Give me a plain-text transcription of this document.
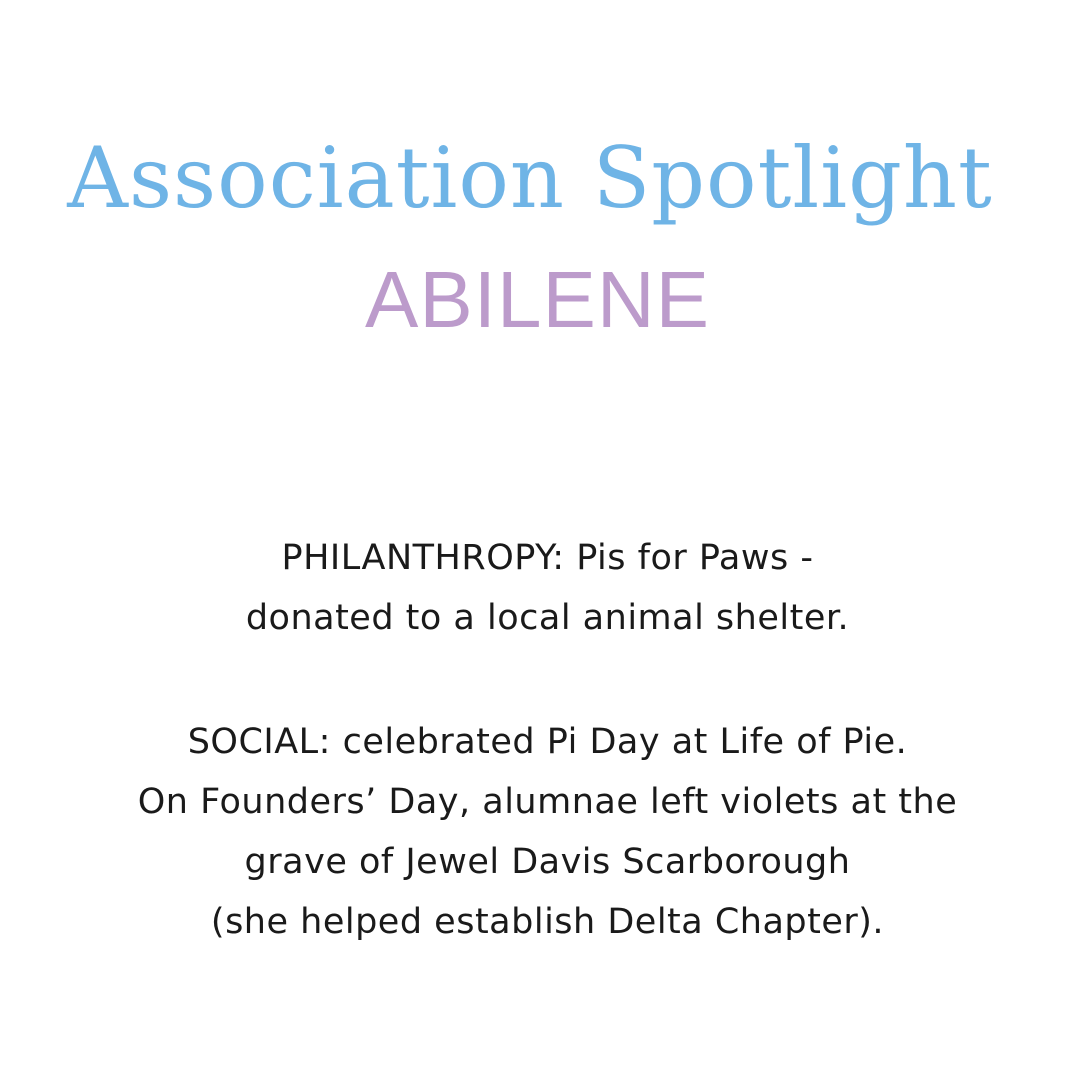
Association Spotlight
ABILENE
PHILANTHROPY: Pis for Paws -
donated to a local animal shelter.
SOCIAL: celebrated Pi Day at Life of Pie.
On Founders’ Day, alumnae left violets at the
grave of Jewel Davis Scarborough
(she helped establish Delta Chapter).
